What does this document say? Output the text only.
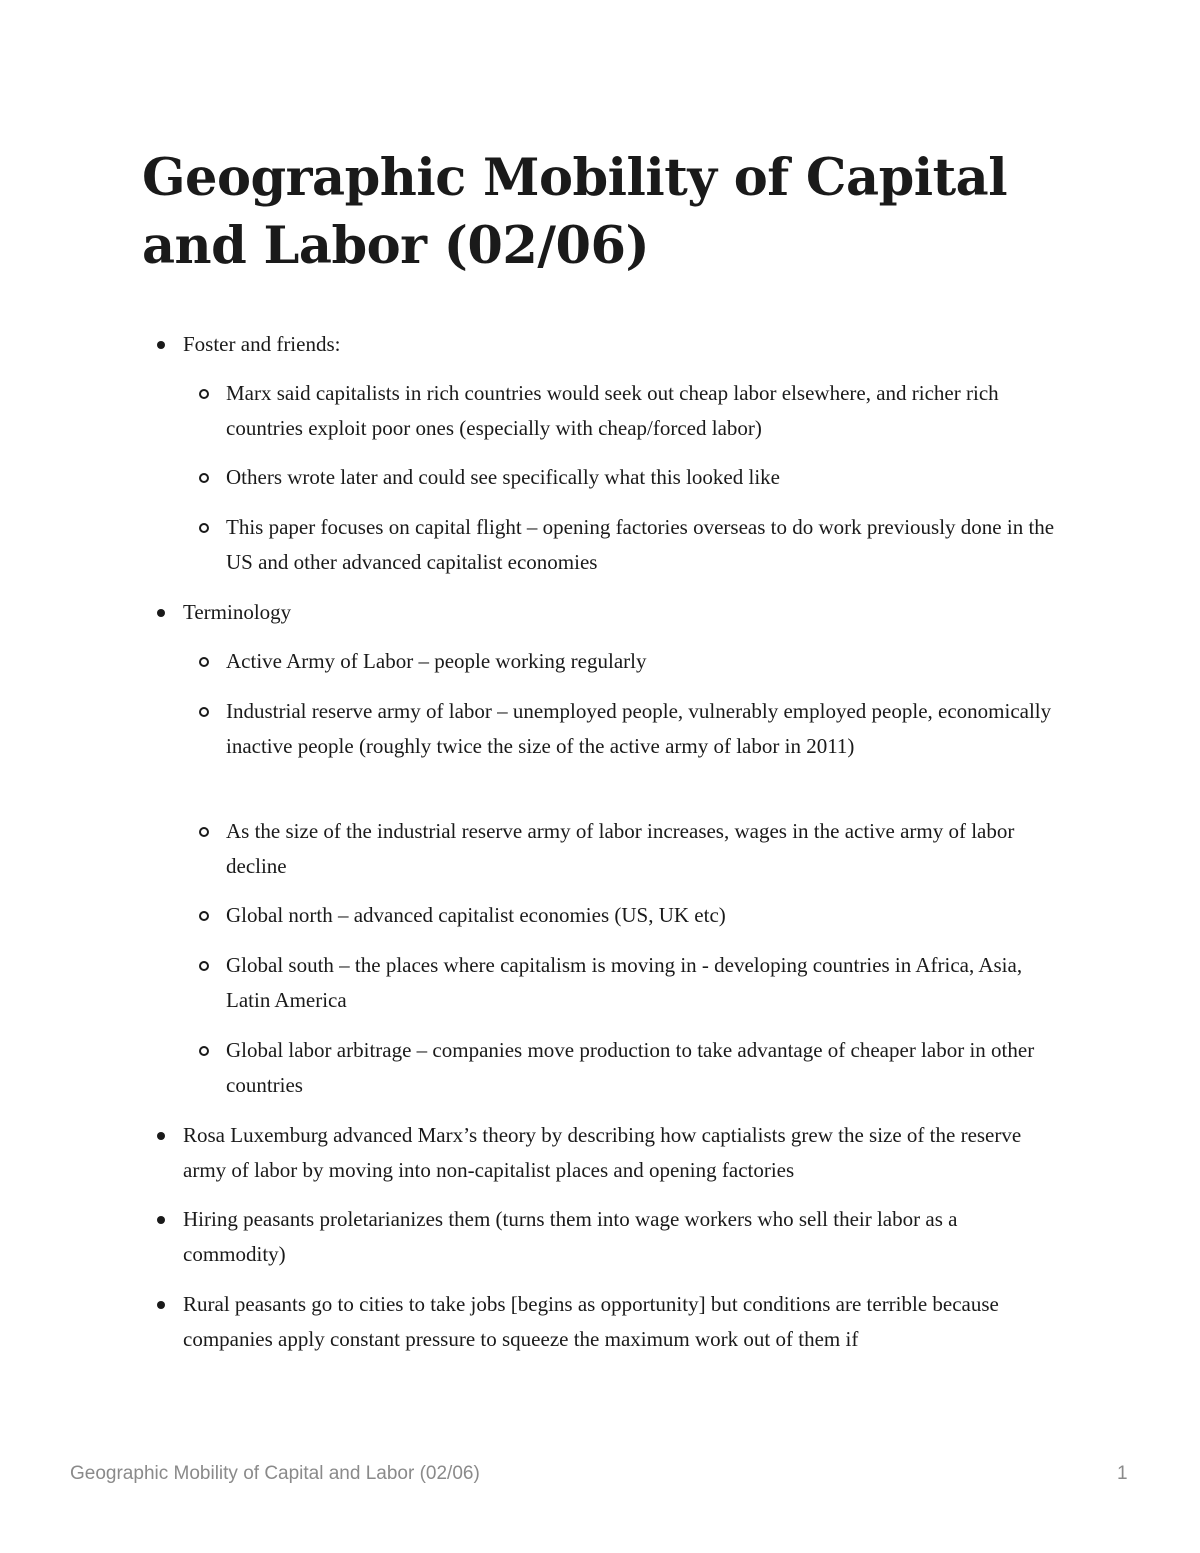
Geographic Mobility of Capital and Labor (02/06)
Foster and friends:
Marx said capitalists in rich countries would seek out cheap labor elsewhere, and richer rich countries exploit poor ones (especially with cheap/forced labor)
Others wrote later and could see specifically what this looked like
This paper focuses on capital flight – opening factories overseas to do work previously done in the US and other advanced capitalist economies
Terminology
Active Army of Labor – people working regularly
Industrial reserve army of labor – unemployed people, vulnerably employed people, economically inactive people (roughly twice the size of the active army of labor in 2011)
As the size of the industrial reserve army of labor increases, wages in the active army of labor decline
Global north – advanced capitalist economies (US, UK etc)
Global south – the places where capitalism is moving in - developing countries in Africa, Asia, Latin America
Global labor arbitrage – companies move production to take advantage of cheaper labor in other countries
Rosa Luxemburg advanced Marx’s theory by describing how captialists grew the size of the reserve army of labor by moving into non-capitalist places and opening factories
Hiring peasants proletarianizes them (turns them into wage workers who sell their labor as a commodity)
Rural peasants go to cities to take jobs [begins as opportunity] but conditions are terrible because companies apply constant pressure to squeeze the maximum work out of them if
Geographic Mobility of Capital and Labor (02/06)	1
